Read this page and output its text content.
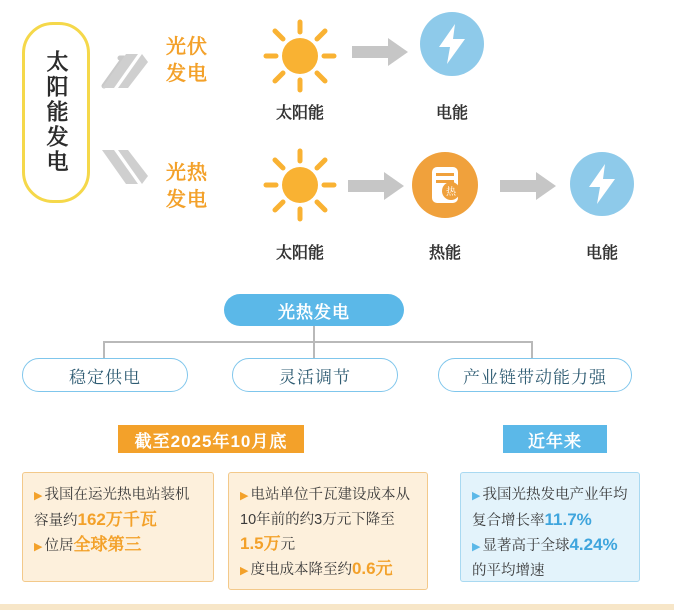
太阳能发电
光伏
发电
光热
发电
太阳能	电能
太阳能
热
热能	电能
光热发电
稳定供电	灵活调节	产业链带动能力强
截至2025年10月底	近年来
▶ 我国在运光热电站装机
容量约162万千瓦
▶ 位居全球第三
▶ 电站单位千瓦建设成本从
10年前的约3万元下降至
1.5万元
▶ 度电成本降至约0.6元
▶ 我国光热发电产业年均
复合增长率11.7%
▶ 显著高于全球4.24%
的平均增速
